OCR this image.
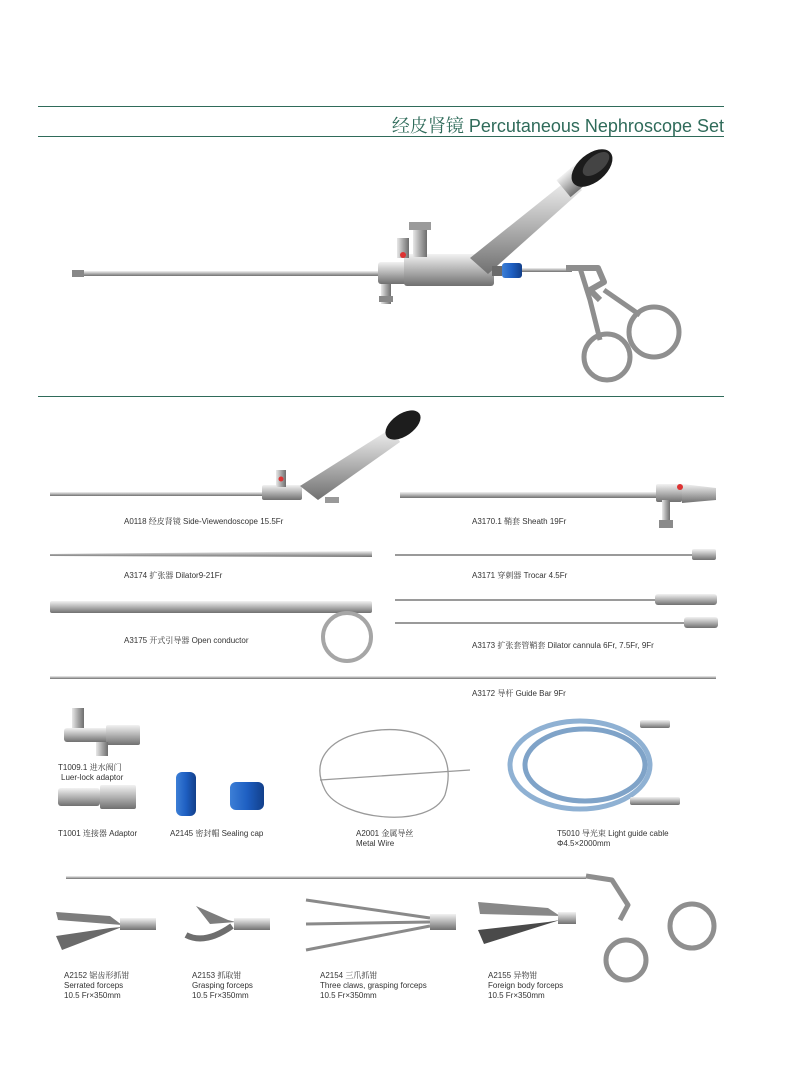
经皮肾镜 Percutaneous Nephroscope Set
A0118 经皮肾镜 Side-Viewendoscope 15.5Fr	A3170.1 鞘套 Sheath 19Fr
A3174 扩张器 Dilator9-21Fr	A3171 穿刺器 Trocar 4.5Fr
A3175 开式引导器 Open conductor
A3173 扩张套管鞘套 Dilator cannula 6Fr, 7.5Fr, 9Fr
A3172 导杆 Guide Bar 9Fr
T1009.1 进水阀门
Luer-lock adaptor
T1001 连接器 Adaptor	A2145 密封帽 Sealing cap	A2001 金属导丝
Metal Wire
T5010 导光束 Light guide cable
Φ4.5×2000mm
A2152 锯齿形抓钳
Serrated forceps
10.5 Fr×350mm
A2153 抓取钳
Grasping forceps
10.5 Fr×350mm
A2154 三爪抓钳
Three claws, grasping forceps
10.5 Fr×350mm
A2155 异物钳
Foreign body forceps
10.5 Fr×350mm
